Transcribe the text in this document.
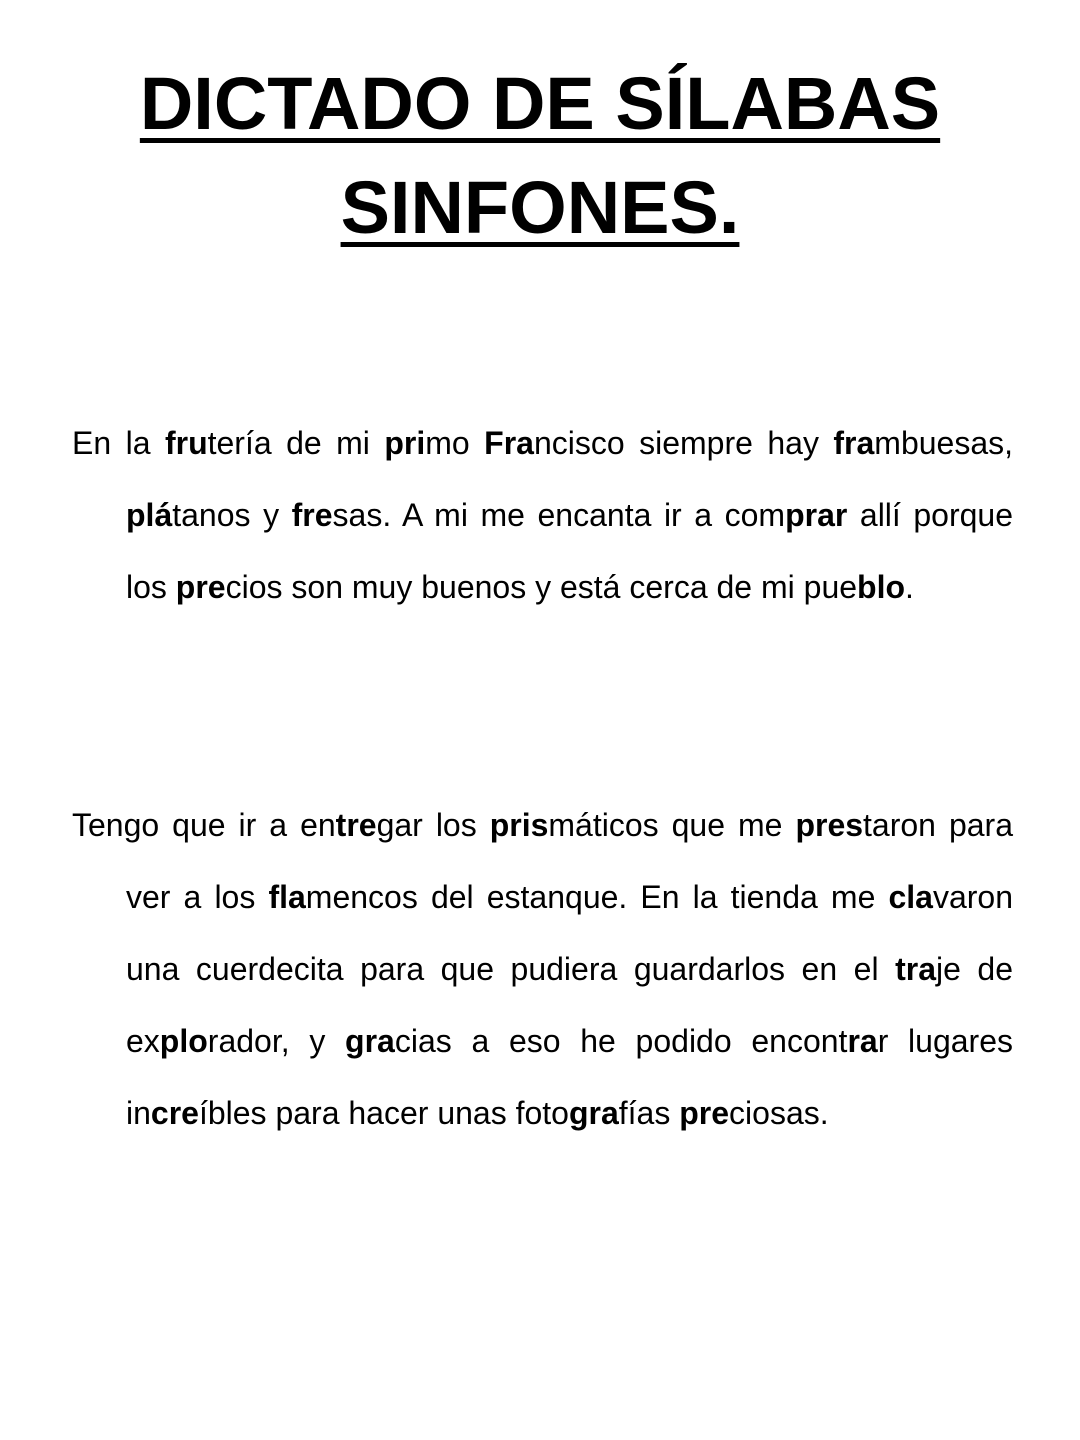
DICTADO DE SÍLABAS
SINFONES.

En la frutería de mi primo Francisco siempre hay frambuesas, plátanos y fresas. A mi me encanta ir a comprar allí porque los precios son muy buenos y está cerca de mi pueblo.

Tengo que ir a entregar los prismáticos que me prestaron para ver a los flamencos del estanque. En la tienda me clavaron una cuerdecita para que pudiera guardarlos en el traje de explorador, y gracias a eso he podido encontrar lugares increíbles para hacer unas fotografías preciosas.
